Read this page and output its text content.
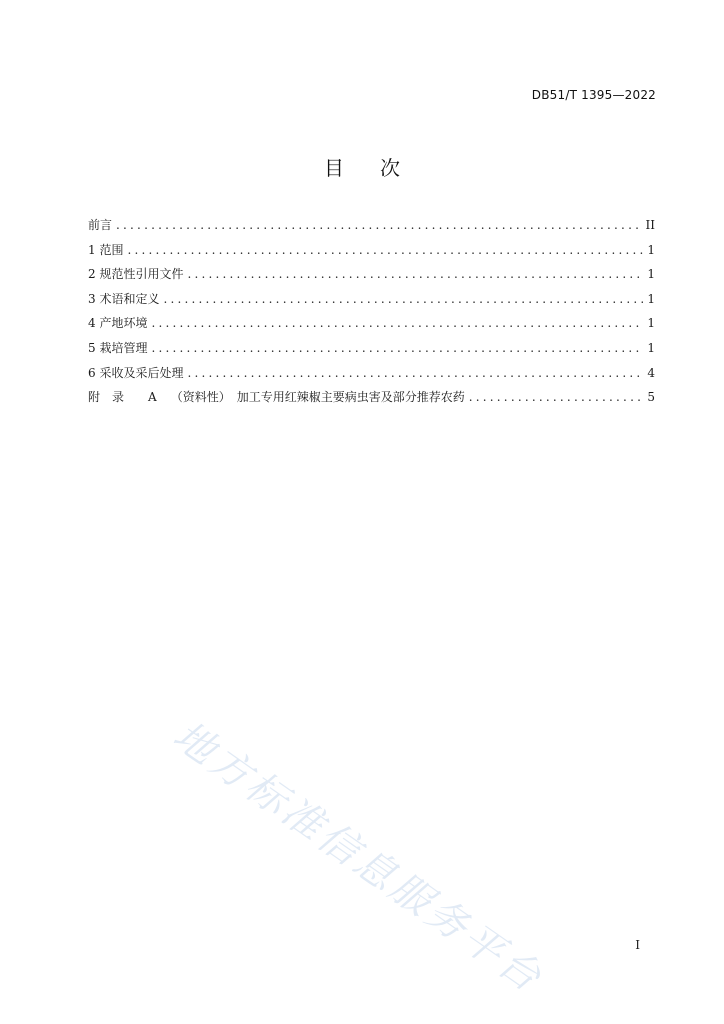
DB51/T 1395—2022
目次
前言 .....	II
1 范围 .....	1
2 规范性引用文件 .....	1
3 术语和定义 .....	1
4 产地环境 .....	1
5 栽培管理 .....	1
6 采收及采后处理 .....	4
附 录 A （资料性） 加工专用红辣椒主要病虫害及部分推荐农药 .....	5
地方标准信息服务平台	I
